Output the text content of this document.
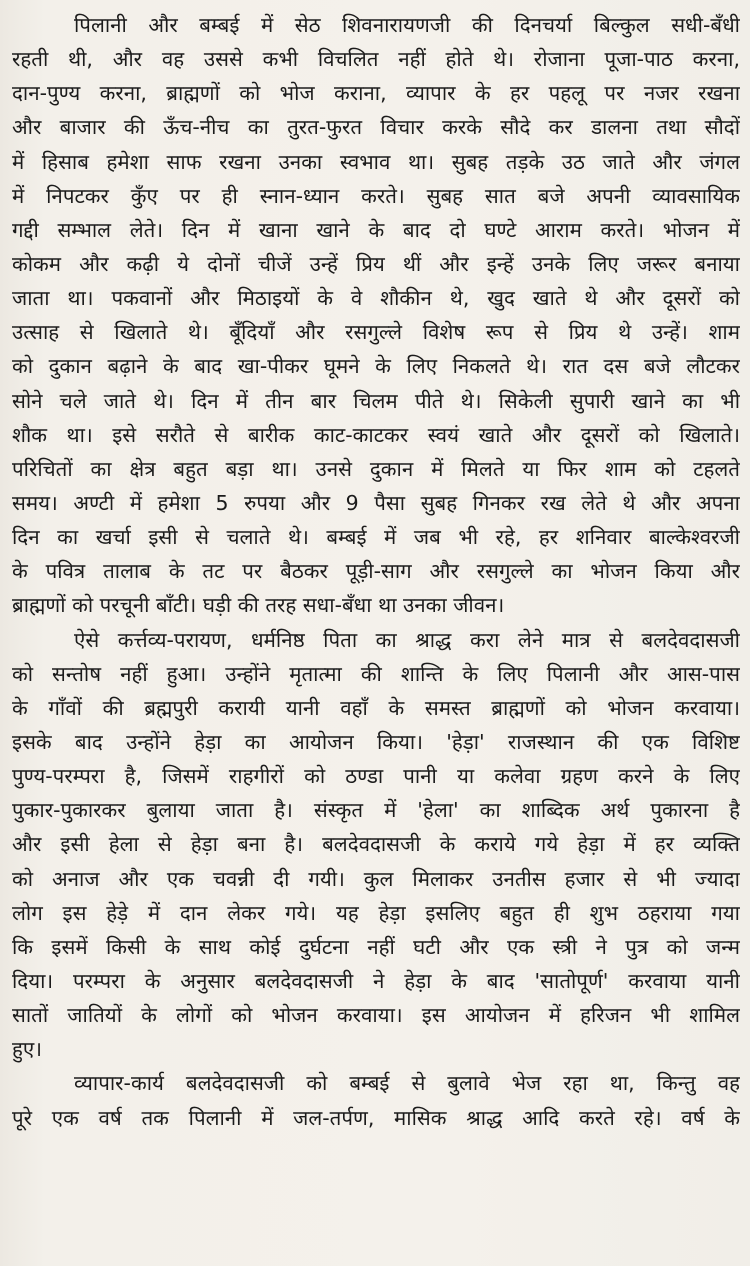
पिलानी और बम्बई में सेठ शिवनारायणजी की दिनचर्या बिल्कुल सधी-बँधी
रहती थी, और वह उससे कभी विचलित नहीं होते थे। रोजाना पूजा-पाठ करना,
दान-पुण्य करना, ब्राह्मणों को भोज कराना, व्यापार के हर पहलू पर नजर रखना
और बाजार की ऊँच-नीच का तुरत-फुरत विचार करके सौदे कर डालना तथा सौदों
में हिसाब हमेशा साफ रखना उनका स्वभाव था। सुबह तड़के उठ जाते और जंगल
में निपटकर कुँए पर ही स्नान-ध्यान करते। सुबह सात बजे अपनी व्यावसायिक
गद्दी सम्भाल लेते। दिन में खाना खाने के बाद दो घण्टे आराम करते। भोजन में
कोकम और कढ़ी ये दोनों चीजें उन्हें प्रिय थीं और इन्हें उनके लिए जरूर बनाया
जाता था। पकवानों और मिठाइयों के वे शौकीन थे, खुद खाते थे और दूसरों को
उत्साह से खिलाते थे। बूँदियाँ और रसगुल्ले विशेष रूप से प्रिय थे उन्हें। शाम
को दुकान बढ़ाने के बाद खा-पीकर घूमने के लिए निकलते थे। रात दस बजे लौटकर
सोने चले जाते थे। दिन में तीन बार चिलम पीते थे। सिकेली सुपारी खाने का भी
शौक था। इसे सरौते से बारीक काट-काटकर स्वयं खाते और दूसरों को खिलाते।
परिचितों का क्षेत्र बहुत बड़ा था। उनसे दुकान में मिलते या फिर शाम को टहलते
समय। अण्टी में हमेशा 5 रुपया और 9 पैसा सुबह गिनकर रख लेते थे और अपना
दिन का खर्चा इसी से चलाते थे। बम्बई में जब भी रहे, हर शनिवार बाल्केश्वरजी
के पवित्र तालाब के तट पर बैठकर पूड़ी-साग और रसगुल्ले का भोजन किया और
ब्राह्मणों को परचूनी बाँटी। घड़ी की तरह सधा-बँधा था उनका जीवन।
ऐसे कर्त्तव्य-परायण, धर्मनिष्ठ पिता का श्राद्ध करा लेने मात्र से बलदेवदासजी
को सन्तोष नहीं हुआ। उन्होंने मृतात्मा की शान्ति के लिए पिलानी और आस-पास
के गाँवों की ब्रह्मपुरी करायी यानी वहाँ के समस्त ब्राह्मणों को भोजन करवाया।
इसके बाद उन्होंने हेड़ा का आयोजन किया। 'हेड़ा' राजस्थान की एक विशिष्ट
पुण्य-परम्परा है, जिसमें राहगीरों को ठण्डा पानी या कलेवा ग्रहण करने के लिए
पुकार-पुकारकर बुलाया जाता है। संस्कृत में 'हेला' का शाब्दिक अर्थ पुकारना है
और इसी हेला से हेड़ा बना है। बलदेवदासजी के कराये गये हेड़ा में हर व्यक्ति
को अनाज और एक चवन्नी दी गयी। कुल मिलाकर उनतीस हजार से भी ज्यादा
लोग इस हेड़े में दान लेकर गये। यह हेड़ा इसलिए बहुत ही शुभ ठहराया गया
कि इसमें किसी के साथ कोई दुर्घटना नहीं घटी और एक स्त्री ने पुत्र को जन्म
दिया। परम्परा के अनुसार बलदेवदासजी ने हेड़ा के बाद 'सातोपूर्ण' करवाया यानी
सातों जातियों के लोगों को भोजन करवाया। इस आयोजन में हरिजन भी शामिल
हुए।
व्यापार-कार्य बलदेवदासजी को बम्बई से बुलावे भेज रहा था, किन्तु वह
पूरे एक वर्ष तक पिलानी में जल-तर्पण, मासिक श्राद्ध आदि करते रहे। वर्ष के
